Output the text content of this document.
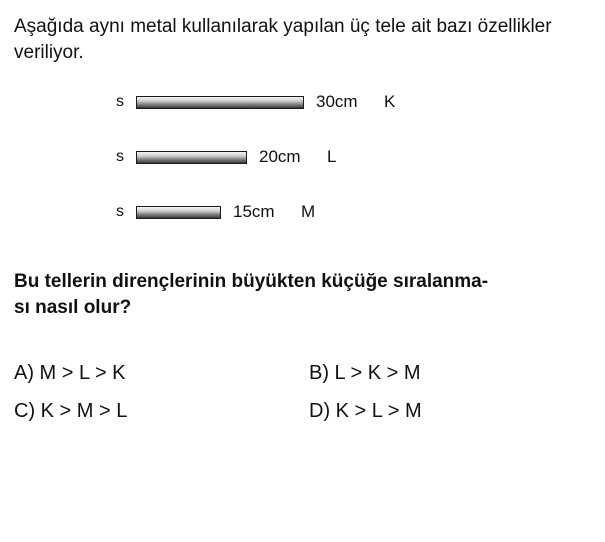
Aşağıda aynı metal kullanılarak yapılan üç tele ait bazı özellikler veriliyor.

s	30cm	K
s	20cm	L
s	15cm	M

Bu tellerin dirençlerinin büyükten küçüğe sıralanma-
sı nasıl olur?

A) M > L > K	B) L > K > M
C) K > M > L	D) K > L > M
